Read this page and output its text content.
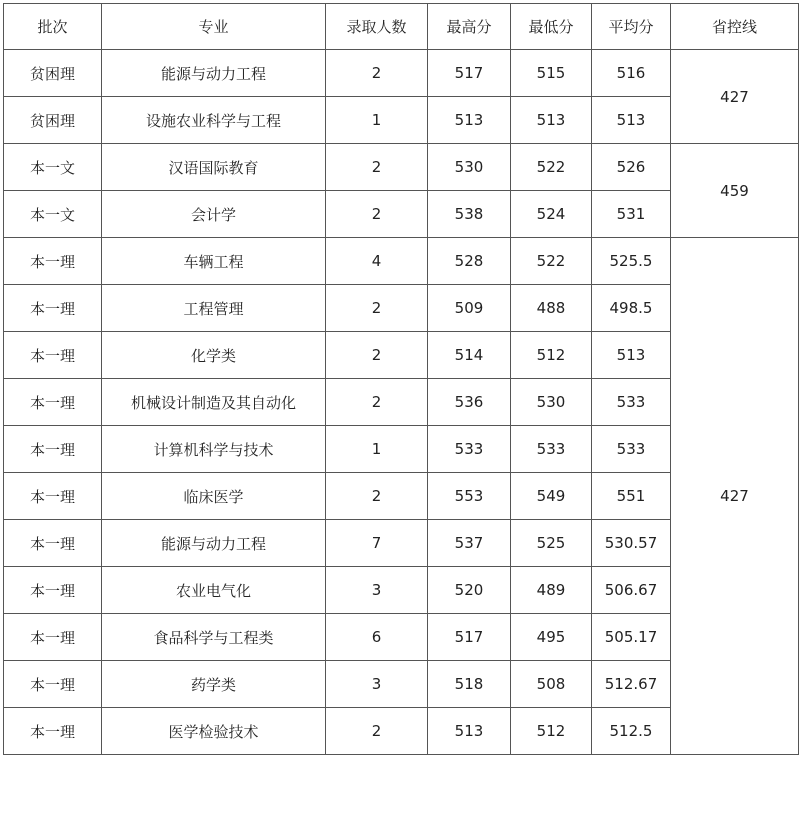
批次	专业	录取人数	最高分	最低分	平均分	省控线
贫困理	能源与动力工程	2	517	515	516	427
贫困理	设施农业科学与工程	1	513	513	513	
本一文	汉语国际教育	2	530	522	526	459
本一文	会计学	2	538	524	531	
本一理	车辆工程	4	528	522	525.5	427
本一理	工程管理	2	509	488	498.5	
本一理	化学类	2	514	512	513	
本一理	机械设计制造及其自动化	2	536	530	533	
本一理	计算机科学与技术	1	533	533	533	
本一理	临床医学	2	553	549	551	
本一理	能源与动力工程	7	537	525	530.57	
本一理	农业电气化	3	520	489	506.67	
本一理	食品科学与工程类	6	517	495	505.17	
本一理	药学类	3	518	508	512.67	
本一理	医学检验技术	2	513	512	512.5	
